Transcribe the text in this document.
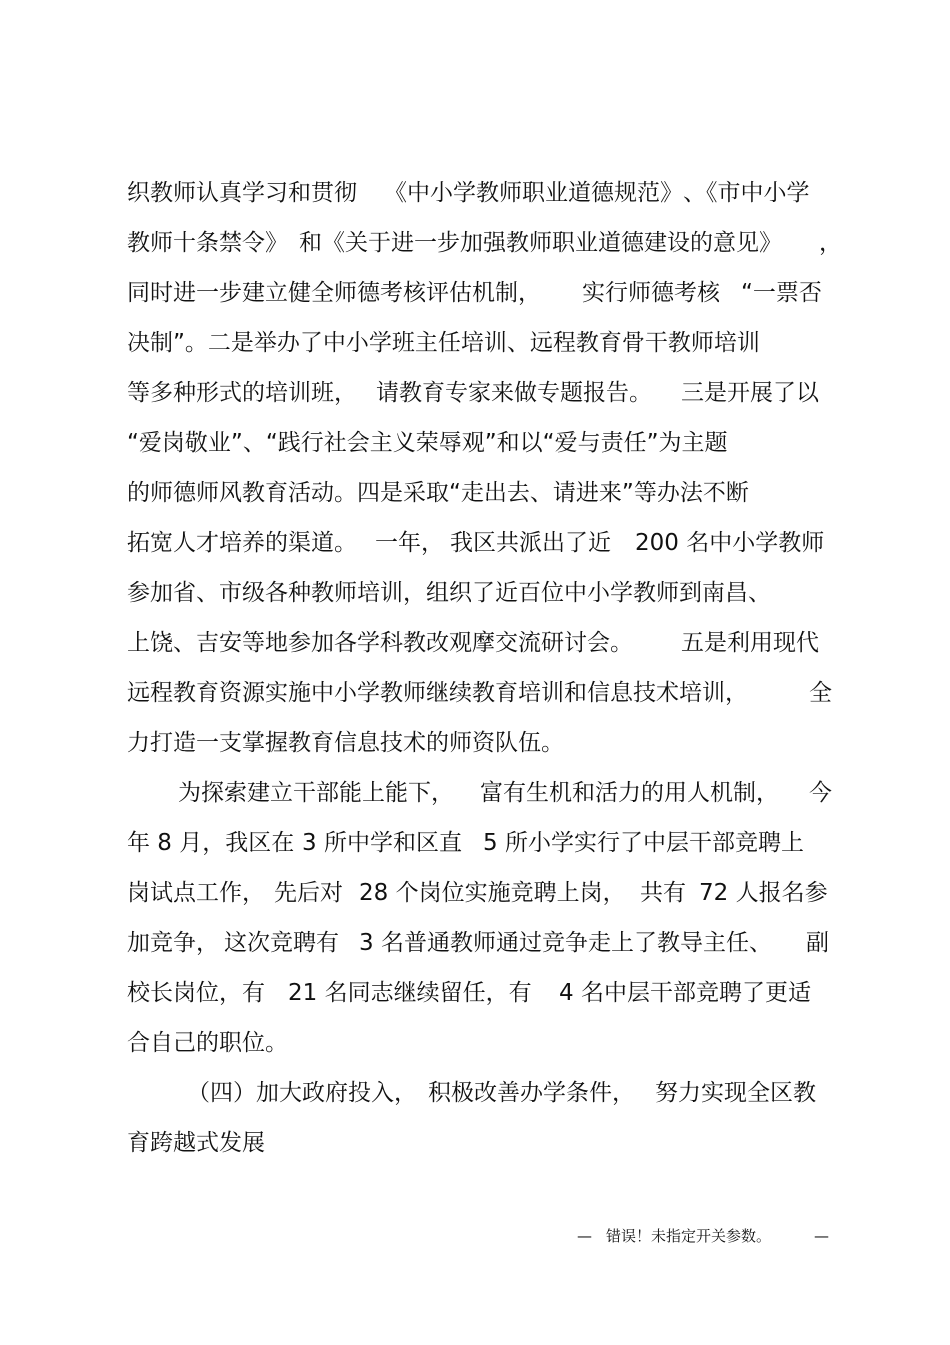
织教师认真学习和贯彻 《中小学教师职业道德规范》 、《市中小学
教师十条禁令》 和《关于进一步加强教师职业道德建设的意见》 ，
同时进一步建立健全师德考核评估机制， 实行师德考核 “一票否
决制”。二是举办了中小学班主任培训、远程教育骨干教师培训
等多种形式的培训班， 请教育专家来做专题报告。 三是开展了以
“爱岗敬业”、“践行社会主义荣辱观”和以“爱与责任”为主题
的师德师风教育活动。四是采取“走出去、请进来”等办法不断
拓宽人才培养的渠道。 一年， 我区共派出了近 200 名中小学教师
参加省、市级各种教师培训，组织了近百位中小学教师到南昌、
上饶、吉安等地参加各学科教改观摩交流研讨会。 五是利用现代
远程教育资源实施中小学教师继续教育培训和信息技术培训，	全
力打造一支掌握教育信息技术的师资队伍。
为探索建立干部能上能下， 富有生机和活力的用人机制， 今
年 8 月，我区在 3 所中学和区直 5 所小学实行了中层干部竞聘上
岗试点工作， 先后对 28 个岗位实施竞聘上岗， 共有 72 人报名参
加竞争， 这次竞聘有 3 名普通教师通过竞争走上了教导主任、 副
校长岗位，有 21 名同志继续留任，有 4 名中层干部竞聘了更适
合自己的职位。
（四）加大政府投入， 积极改善办学条件， 努力实现全区教
育跨越式发展
— 错误！未指定开关参数。	—
